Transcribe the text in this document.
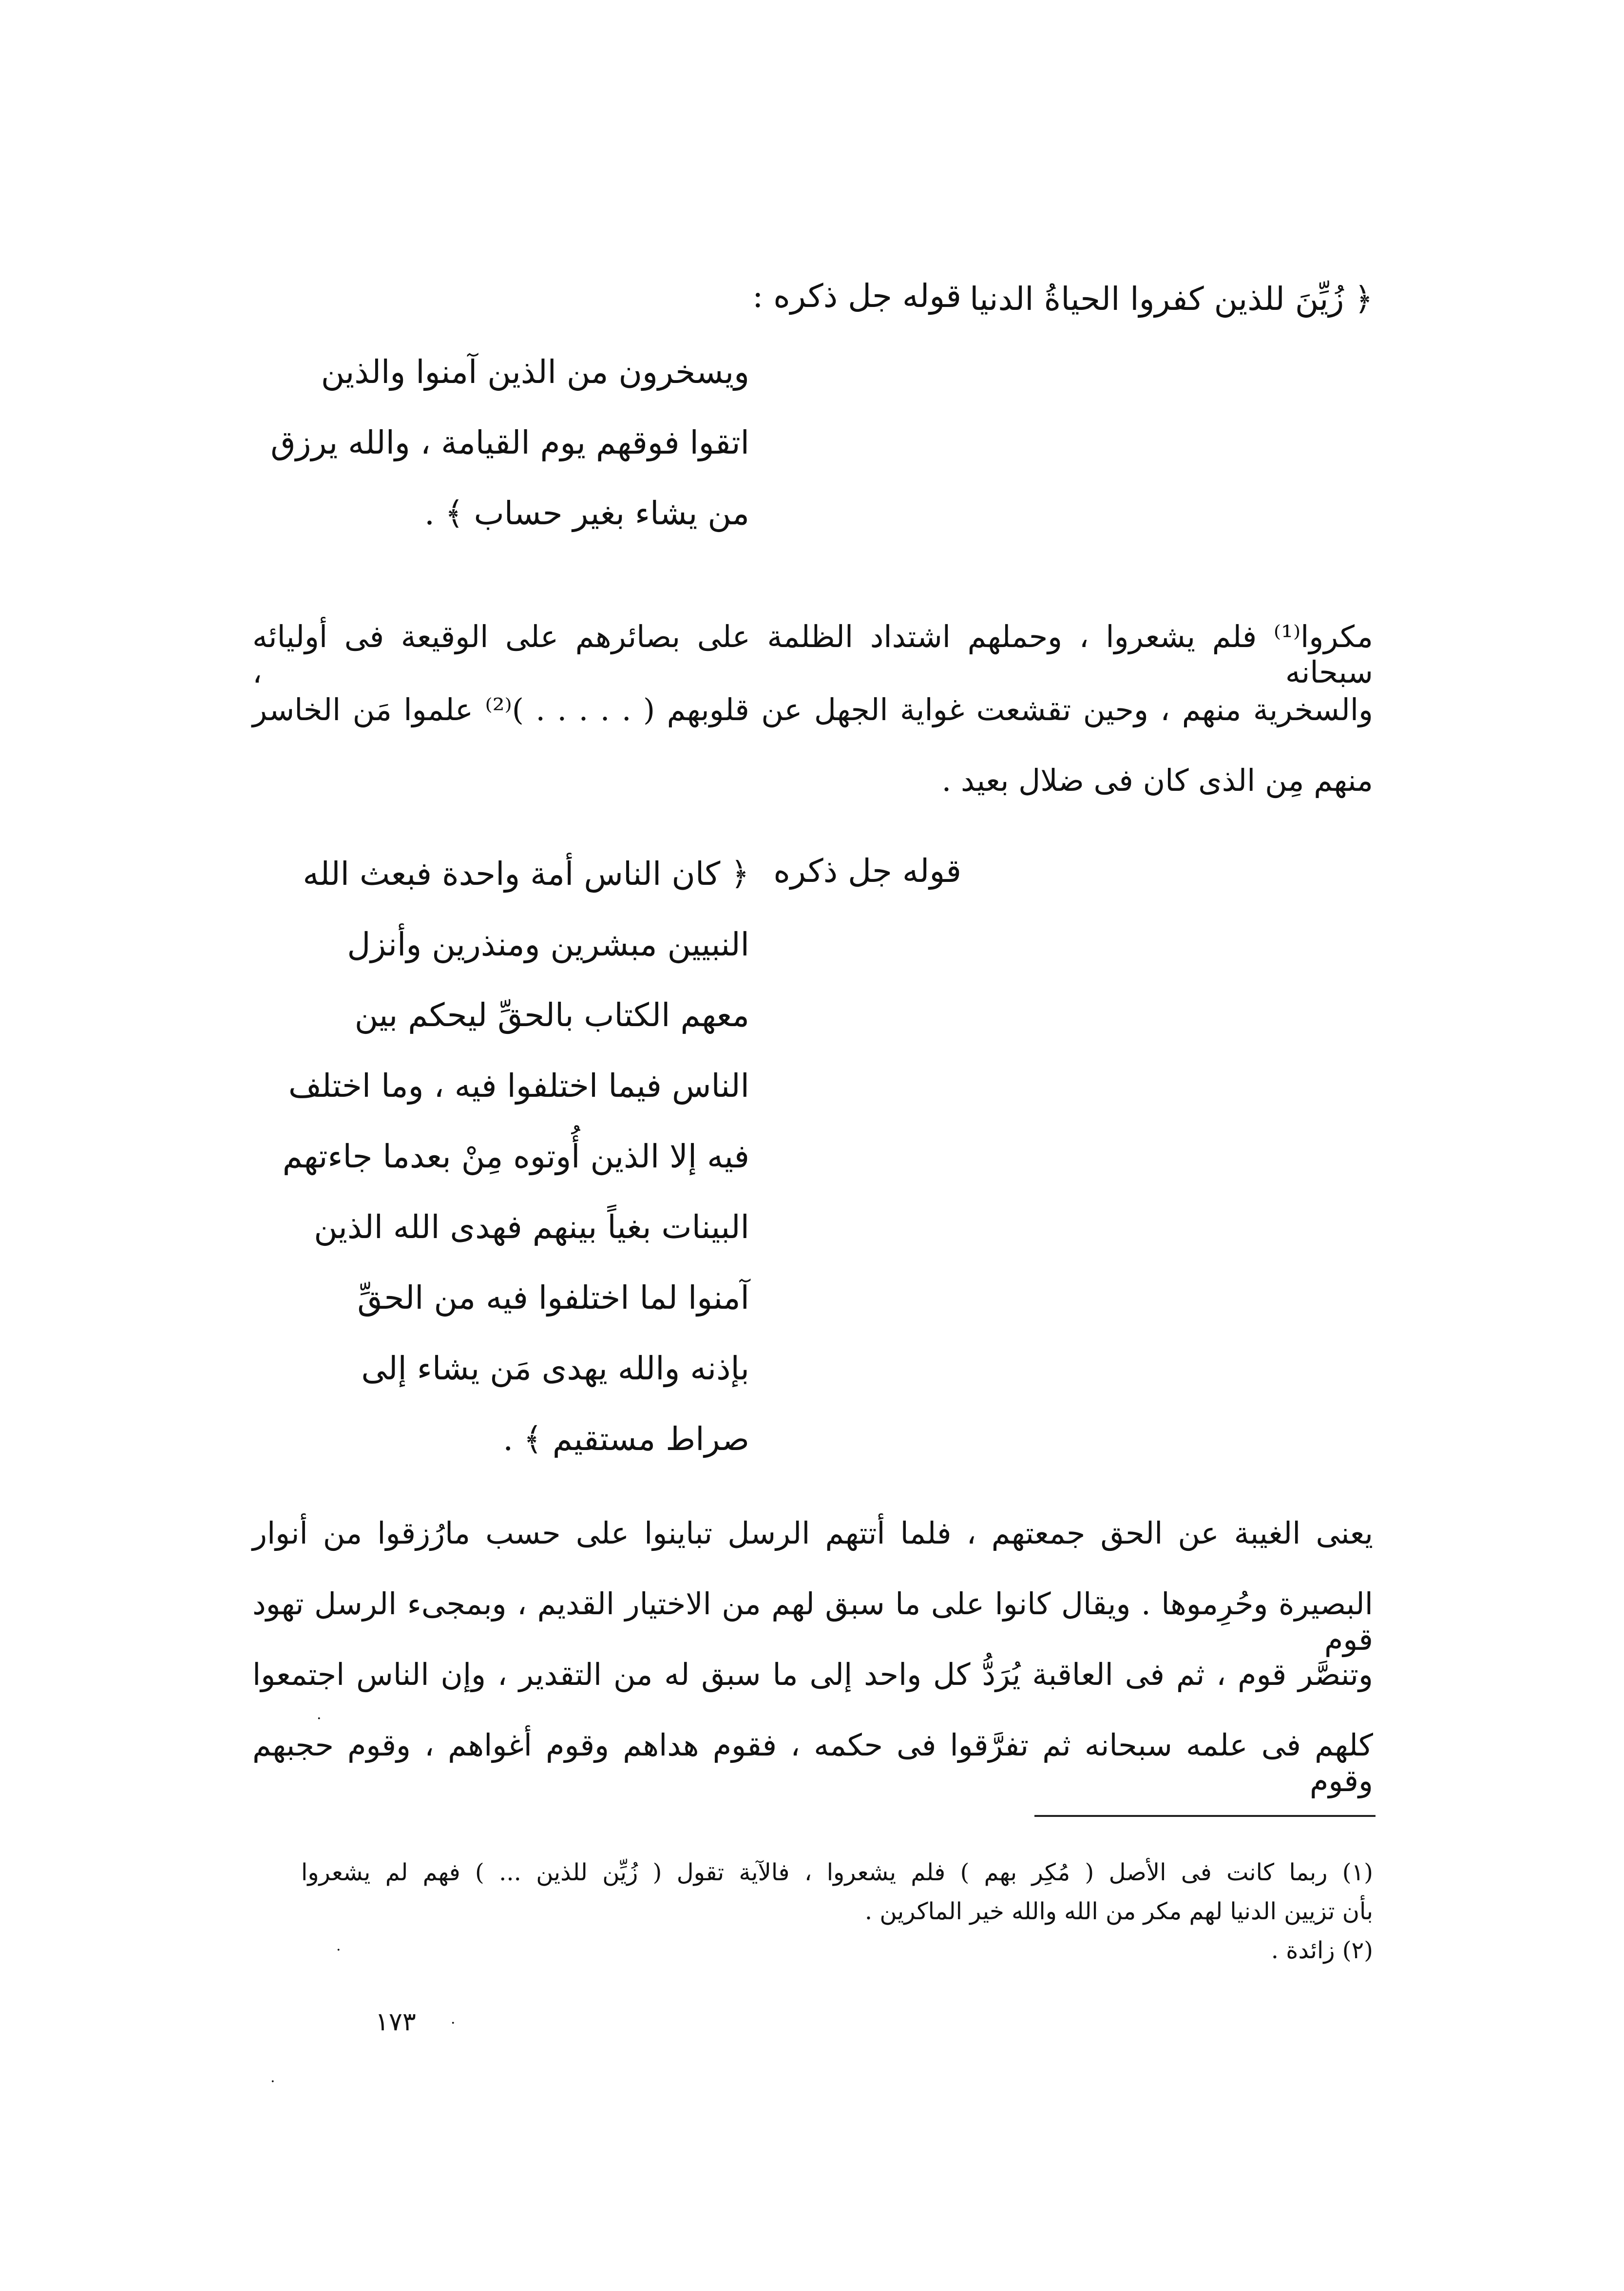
قوله جل ذكره : ﴿ زُيِّنَ للذين كفروا الحياةُ الدنيا
ويسخرون من الذين آمنوا والذين
اتقوا فوقهم يوم القيامة ، والله يرزق
من يشاء بغير حساب ﴾ .
مكروا⁽¹⁾ فلم يشعروا ، وحملهم اشتداد الظلمة على بصائرهم على الوقيعة فى أوليائه سبحانه ،
والسخرية منهم ، وحين تقشعت غواية الجهل عن قلوبهم ( . . . . . )⁽²⁾ علموا مَن الخاسر
منهم مِن الذى كان فى ضلال بعيد .
قوله جل ذكره
﴿ كان الناس أمة واحدة فبعث الله
النبيين مبشرين ومنذرين وأنزل
معهم الكتاب بالحقِّ ليحكم بين
الناس فيما اختلفوا فيه ، وما اختلف
فيه إلا الذين أُوتوه مِنْ بعدما جاءتهم
البينات بغياً بينهم فهدى الله الذين
آمنوا لما اختلفوا فيه من الحقِّ
بإذنه والله يهدى مَن يشاء إلى
صراط مستقيم ﴾ .
يعنى الغيبة عن الحق جمعتهم ، فلما أتتهم الرسل تباينوا على حسب مارُزقوا من أنوار
البصيرة وحُرِموها . ويقال كانوا على ما سبق لهم من الاختيار القديم ، وبمجىء الرسل تهود قوم
وتنصَّر قوم ، ثم فى العاقبة يُرَدُّ كل واحد إلى ما سبق له من التقدير ، وإن الناس اجتمعوا
كلهم فى علمه سبحانه ثم تفرَّقوا فى حكمه ، فقوم هداهم وقوم أغواهم ، وقوم حجبهم وقوم
(١) ربما كانت فى الأصل ( مُكِر بهم ) فلم يشعروا ، فالآية تقول ( زُيِّن للذين ... ) فهم لم يشعروا
بأن تزيين الدنيا لهم مكر من الله والله خير الماكرين .
(٢) زائدة .
١٧٣
·
·
·
·
